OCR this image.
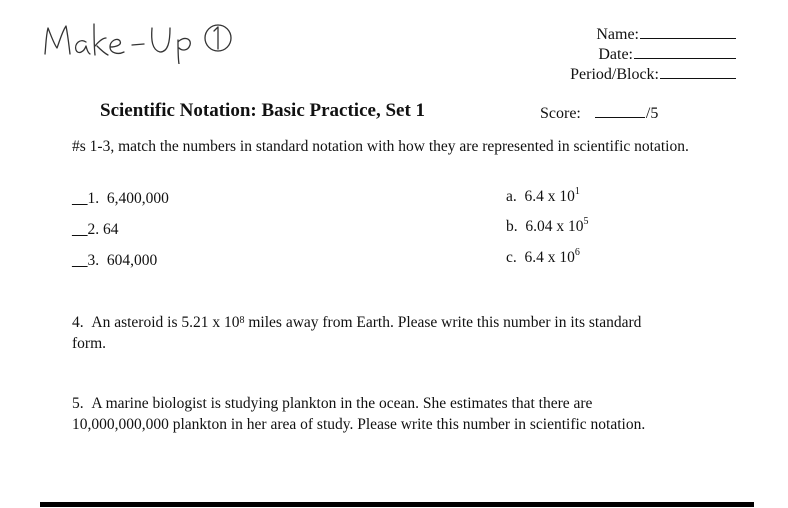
Name:
Date:
Period/Block:
Scientific Notation: Basic Practice, Set 1	Score:	/5
#s 1-3, match the numbers in standard notation with how they are represented in scientific notation.
__1. 6,400,000
__2. 64
__3. 604,000
a. 6.4 x $10^1$
b. 6.04 x $10^5$
c. 6.4 x $10^6$
4. An asteroid is 5.21 x $10^8$ miles away from Earth. Please write this number in its standard form.
5. A marine biologist is studying plankton in the ocean. She estimates that there are 10,000,000,000 plankton in her area of study. Please write this number in scientific notation.
